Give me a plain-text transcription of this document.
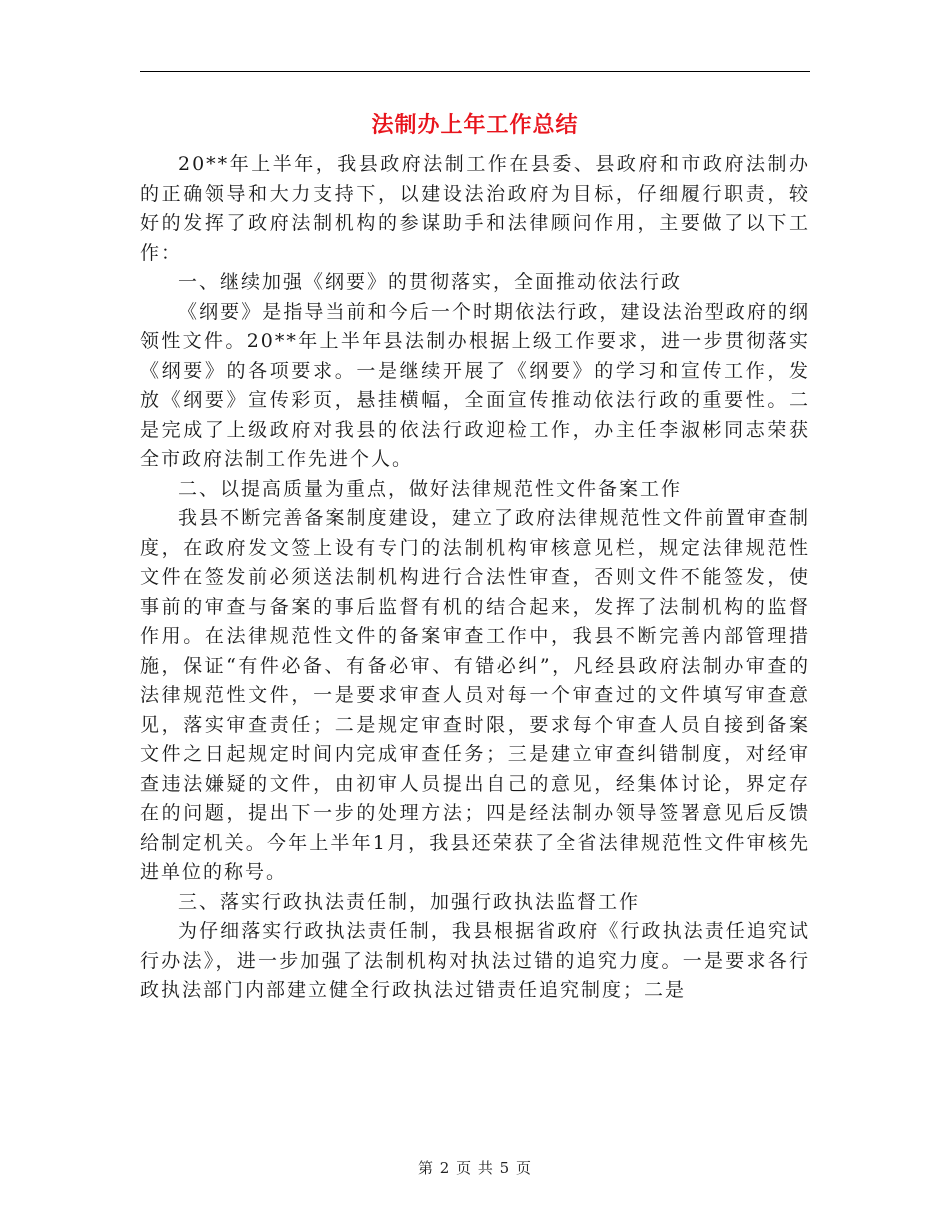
法制办上年工作总结

20**年上半年，我县政府法制工作在县委、县政府和市政府法制办的正确领导和大力支持下，以建设法治政府为目标，仔细履行职责，较好的发挥了政府法制机构的参谋助手和法律顾问作用，主要做了以下工作：

一、继续加强《纲要》的贯彻落实，全面推动依法行政

《纲要》是指导当前和今后一个时期依法行政，建设法治型政府的纲领性文件。20**年上半年县法制办根据上级工作要求，进一步贯彻落实《纲要》的各项要求。一是继续开展了《纲要》的学习和宣传工作，发放《纲要》宣传彩页，悬挂横幅，全面宣传推动依法行政的重要性。二是完成了上级政府对我县的依法行政迎检工作，办主任李淑彬同志荣获全市政府法制工作先进个人。

二、以提高质量为重点，做好法律规范性文件备案工作

我县不断完善备案制度建设，建立了政府法律规范性文件前置审查制度，在政府发文签上设有专门的法制机构审核意见栏，规定法律规范性文件在签发前必须送法制机构进行合法性审查，否则文件不能签发，使事前的审查与备案的事后监督有机的结合起来，发挥了法制机构的监督作用。在法律规范性文件的备案审查工作中，我县不断完善内部管理措施，保证“有件必备、有备必审、有错必纠”，凡经县政府法制办审查的法律规范性文件，一是要求审查人员对每一个审查过的文件填写审查意见，落实审查责任；二是规定审查时限，要求每个审查人员自接到备案文件之日起规定时间内完成审查任务；三是建立审查纠错制度，对经审查违法嫌疑的文件，由初审人员提出自己的意见，经集体讨论，界定存在的问题，提出下一步的处理方法；四是经法制办领导签署意见后反馈给制定机关。今年上半年1月，我县还荣获了全省法律规范性文件审核先进单位的称号。

三、落实行政执法责任制，加强行政执法监督工作

为仔细落实行政执法责任制，我县根据省政府《行政执法责任追究试行办法》，进一步加强了法制机构对执法过错的追究力度。一是要求各行政执法部门内部建立健全行政执法过错责任追究制度；二是

第 2 页 共 5 页
